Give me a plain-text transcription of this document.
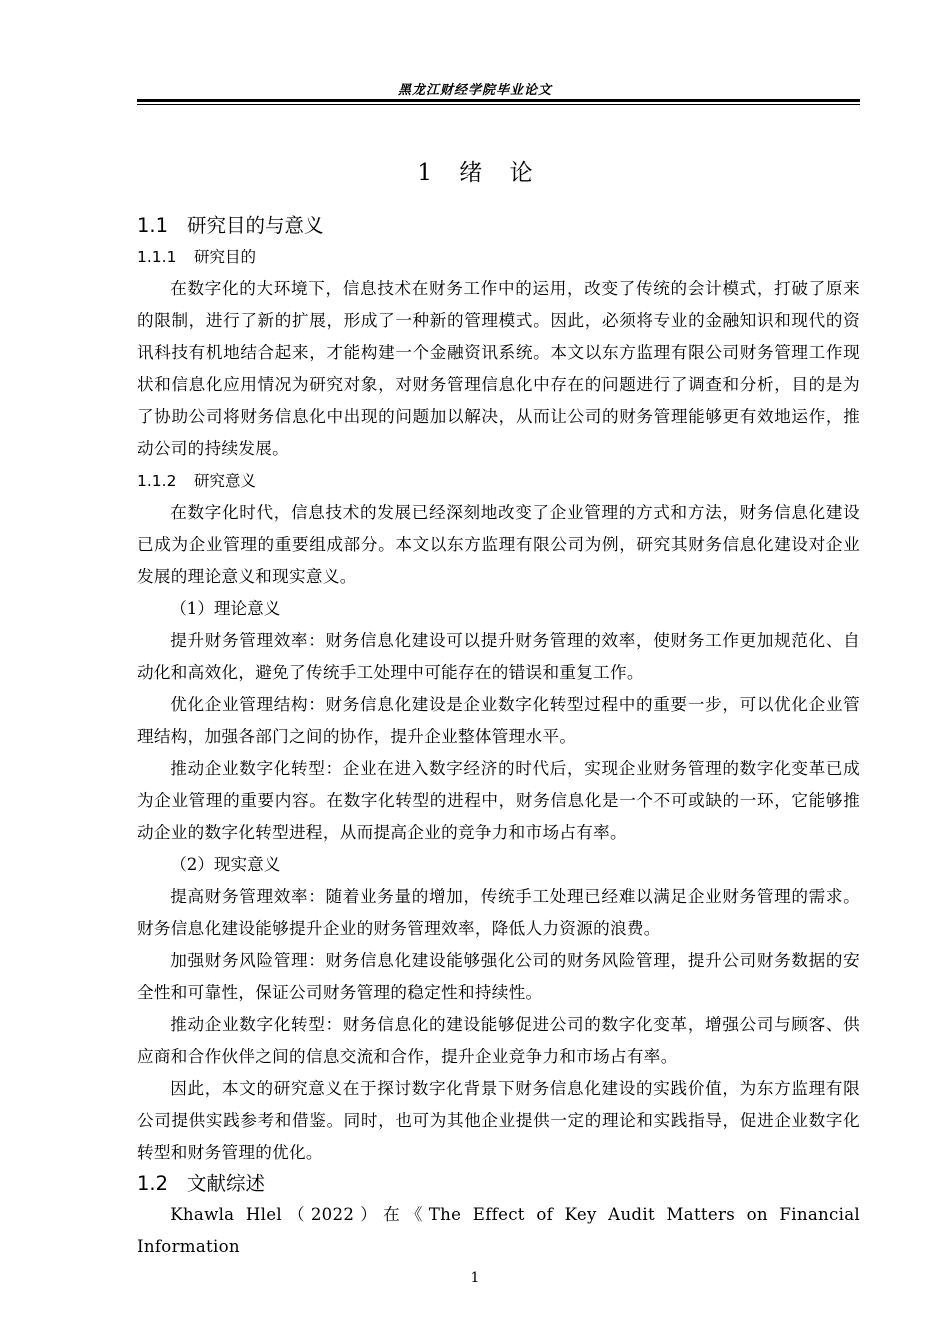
黑龙江财经学院毕业论文
1 绪 论
1.1 研究目的与意义
1.1.1 研究目的

在数字化的大环境下，信息技术在财务工作中的运用，改变了传统的会计模式，打破了原来的限制，进行了新的扩展，形成了一种新的管理模式。因此，必须将专业的金融知识和现代的资讯科技有机地结合起来，才能构建一个金融资讯系统。本文以东方监理有限公司财务管理工作现状和信息化应用情况为研究对象，对财务管理信息化中存在的问题进行了调查和分析，目的是为了协助公司将财务信息化中出现的问题加以解决，从而让公司的财务管理能够更有效地运作，推动公司的持续发展。

1.1.2 研究意义

在数字化时代，信息技术的发展已经深刻地改变了企业管理的方式和方法，财务信息化建设已成为企业管理的重要组成部分。本文以东方监理有限公司为例，研究其财务信息化建设对企业发展的理论意义和现实意义。

（1）理论意义

提升财务管理效率：财务信息化建设可以提升财务管理的效率，使财务工作更加规范化、自动化和高效化，避免了传统手工处理中可能存在的错误和重复工作。

优化企业管理结构：财务信息化建设是企业数字化转型过程中的重要一步，可以优化企业管理结构，加强各部门之间的协作，提升企业整体管理水平。

推动企业数字化转型：企业在进入数字经济的时代后，实现企业财务管理的数字化变革已成为企业管理的重要内容。在数字化转型的进程中，财务信息化是一个不可或缺的一环，它能够推动企业的数字化转型进程，从而提高企业的竞争力和市场占有率。

（2）现实意义

提高财务管理效率：随着业务量的增加，传统手工处理已经难以满足企业财务管理的需求。财务信息化建设能够提升企业的财务管理效率，降低人力资源的浪费。

加强财务风险管理：财务信息化建设能够强化公司的财务风险管理，提升公司财务数据的安全性和可靠性，保证公司财务管理的稳定性和持续性。

推动企业数字化转型：财务信息化的建设能够促进公司的数字化变革，增强公司与顾客、供应商和合作伙伴之间的信息交流和合作，提升企业竞争力和市场占有率。

因此，本文的研究意义在于探讨数字化背景下财务信息化建设的实践价值，为东方监理有限公司提供实践参考和借鉴。同时，也可为其他企业提供一定的理论和实践指导，促进企业数字化转型和财务管理的优化。

1.2 文献综述

Khawla Hlel（2022）在《The Effect of Key Audit Matters on Financial Information

1
